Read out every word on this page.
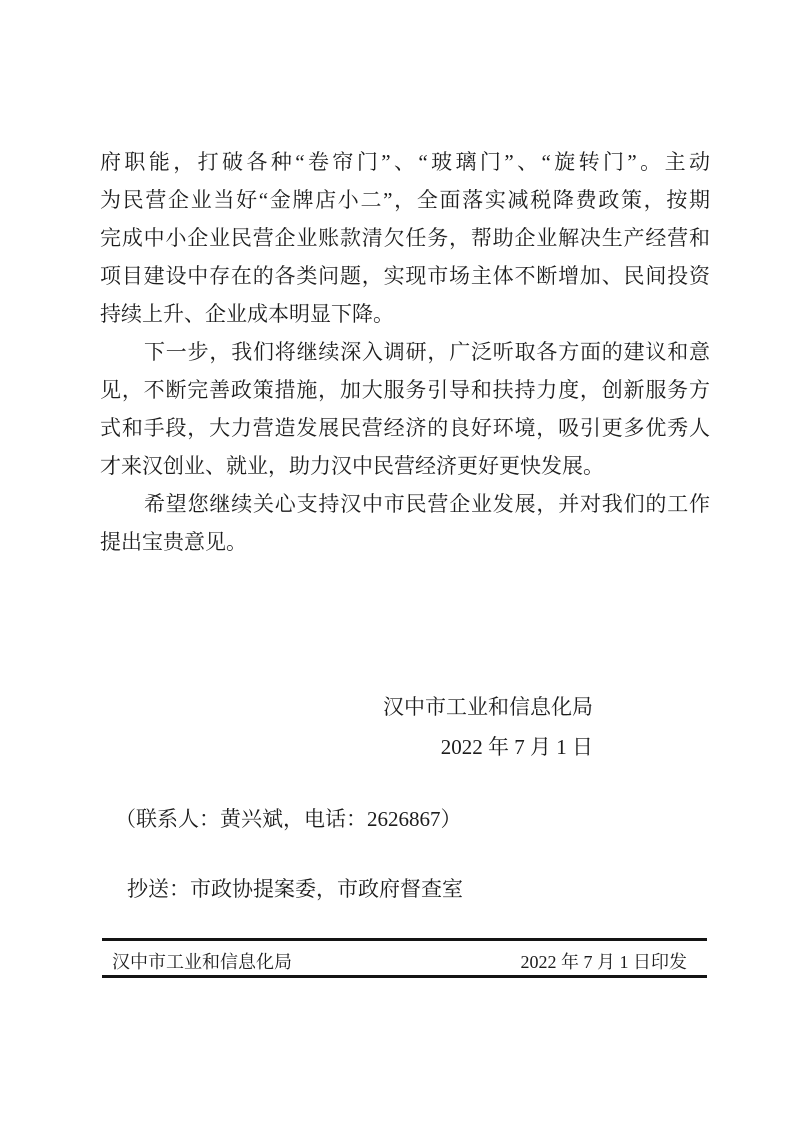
府职能，打破各种“卷帘门”、“玻璃门”、“旋转门”。主动
为民营企业当好“金牌店小二”，全面落实减税降费政策，按期
完成中小企业民营企业账款清欠任务，帮助企业解决生产经营和
项目建设中存在的各类问题，实现市场主体不断增加、民间投资
持续上升、企业成本明显下降。
下一步，我们将继续深入调研，广泛听取各方面的建议和意
见，不断完善政策措施，加大服务引导和扶持力度，创新服务方
式和手段，大力营造发展民营经济的良好环境，吸引更多优秀人
才来汉创业、就业，助力汉中民营经济更好更快发展。
希望您继续关心支持汉中市民营企业发展，并对我们的工作
提出宝贵意见。
汉中市工业和信息化局
2022 年 7 月 1 日
（联系人：黄兴斌，电话：2626867）
抄送：市政协提案委，市政府督查室
汉中市工业和信息化局	2022 年 7 月 1 日印发
